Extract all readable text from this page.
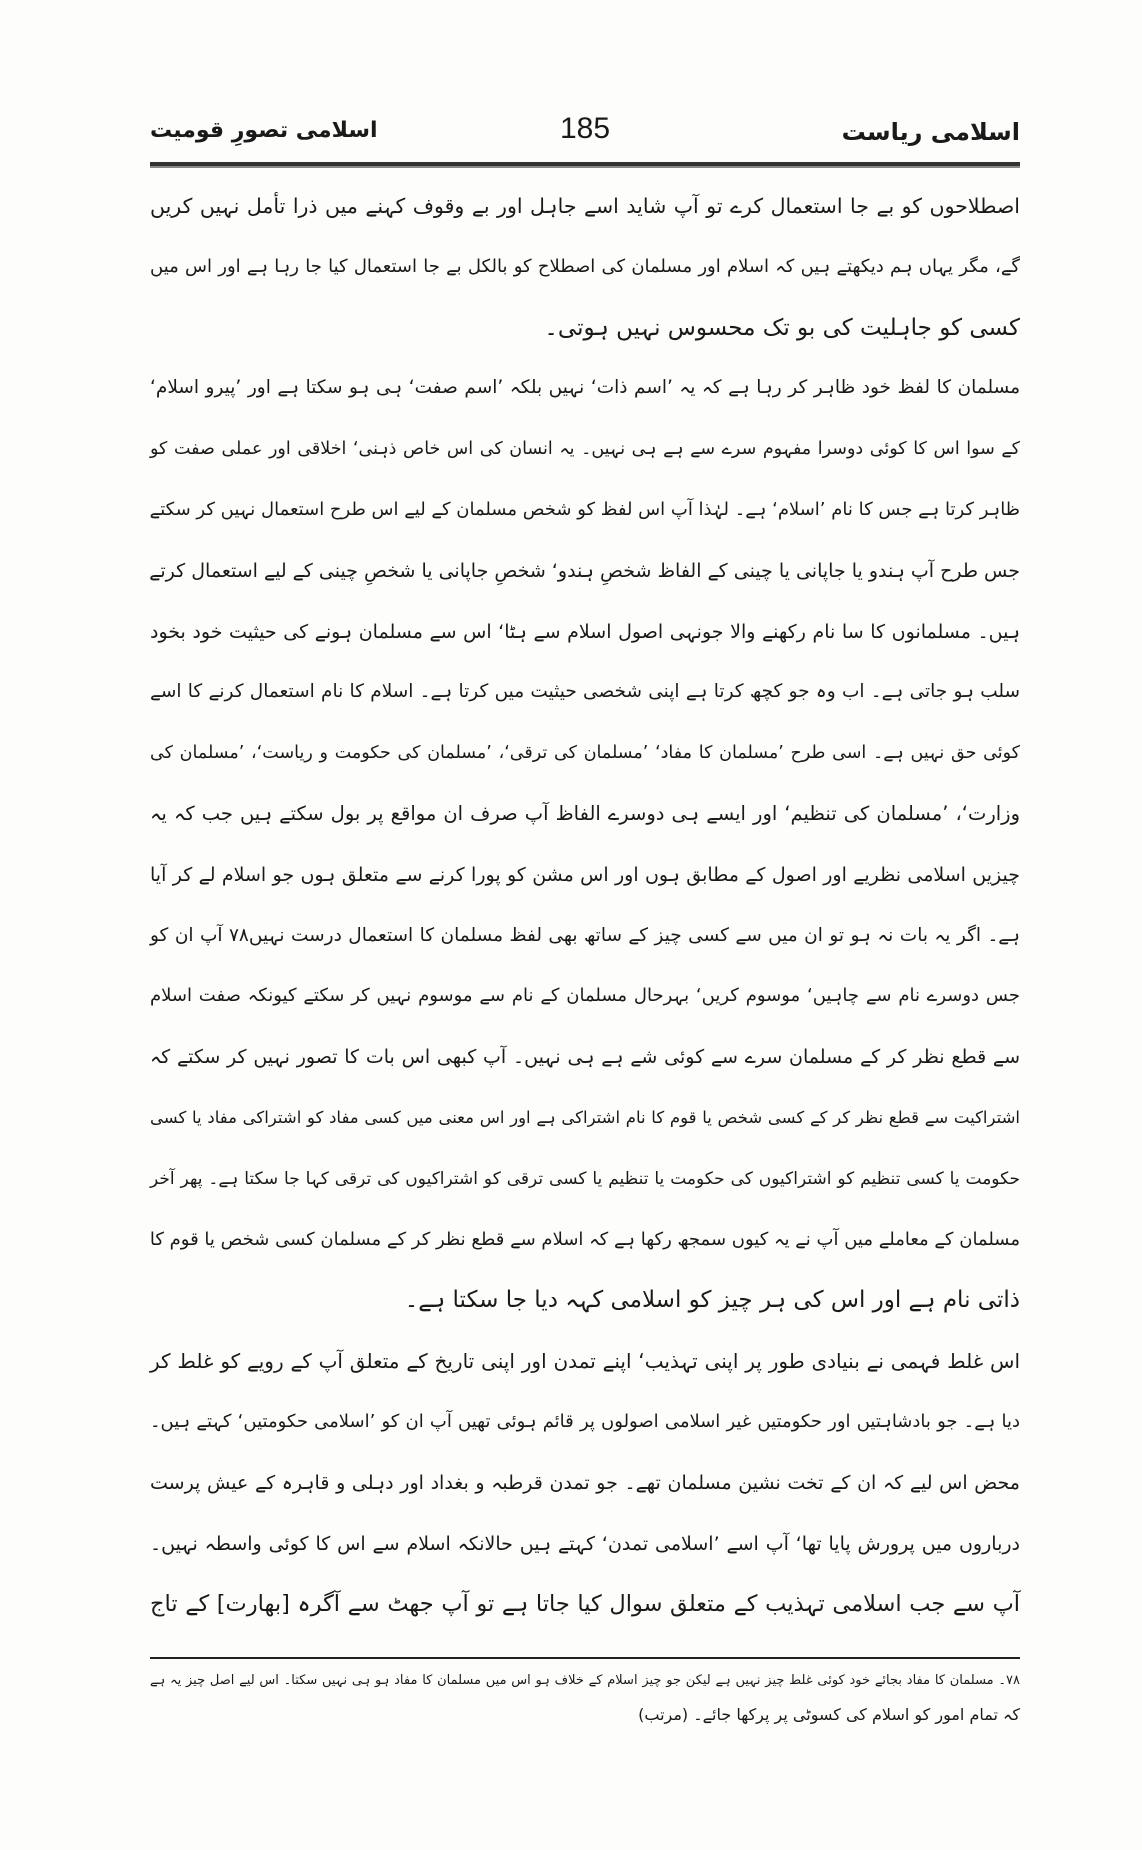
اسلامی ریاست
185
اسلامی تصورِ قومیت
اصطلاحوں کو بے جا استعمال کرے تو آپ شاید اسے جاہل اور بے وقوف کہنے میں ذرا تأمل نہیں کریں
گے، مگر یہاں ہم دیکھتے ہیں کہ اسلام اور مسلمان کی اصطلاح کو بالکل بے جا استعمال کیا جا رہا ہے اور اس میں
کسی کو جاہلیت کی بو تک محسوس نہیں ہوتی۔
مسلمان کا لفظ خود ظاہر کر رہا ہے کہ یہ ’اسم ذات‘ نہیں بلکہ ’اسم صفت‘ ہی ہو سکتا ہے اور ’پیرو اسلام‘
کے سوا اس کا کوئی دوسرا مفہوم سرے سے ہے ہی نہیں۔ یہ انسان کی اس خاص ذہنی‘ اخلاقی اور عملی صفت کو
ظاہر کرتا ہے جس کا نام ’اسلام‘ ہے۔ لہٰذا آپ اس لفظ کو شخص مسلمان کے لیے اس طرح استعمال نہیں کر سکتے
جس طرح آپ ہندو یا جاپانی یا چینی کے الفاظ شخصِ ہندو‘ شخصِ جاپانی یا شخصِ چینی کے لیے استعمال کرتے
ہیں۔ مسلمانوں کا سا نام رکھنے والا جونہی اصول اسلام سے ہٹا‘ اس سے مسلمان ہونے کی حیثیت خود بخود
سلب ہو جاتی ہے۔ اب وہ جو کچھ کرتا ہے اپنی شخصی حیثیت میں کرتا ہے۔ اسلام کا نام استعمال کرنے کا اسے
کوئی حق نہیں ہے۔ اسی طرح ’مسلمان کا مفاد‘ ’مسلمان کی ترقی‘، ’مسلمان کی حکومت و ریاست‘، ’مسلمان کی
وزارت‘، ’مسلمان کی تنظیم‘ اور ایسے ہی دوسرے الفاظ آپ صرف ان مواقع پر بول سکتے ہیں جب کہ یہ
چیزیں اسلامی نظریے اور اصول کے مطابق ہوں اور اس مشن کو پورا کرنے سے متعلق ہوں جو اسلام لے کر آیا
ہے۔ اگر یہ بات نہ ہو تو ان میں سے کسی چیز کے ساتھ بھی لفظ مسلمان کا استعمال درست نہیں۷۸ آپ ان کو
جس دوسرے نام سے چاہیں‘ موسوم کریں‘ بہرحال مسلمان کے نام سے موسوم نہیں کر سکتے کیونکہ صفت اسلام
سے قطع نظر کر کے مسلمان سرے سے کوئی شے ہے ہی نہیں۔ آپ کبھی اس بات کا تصور نہیں کر سکتے کہ
اشتراکیت سے قطع نظر کر کے کسی شخص یا قوم کا نام اشتراکی ہے اور اس معنی میں کسی مفاد کو اشتراکی مفاد یا کسی
حکومت یا کسی تنظیم کو اشتراکیوں کی حکومت یا تنظیم یا کسی ترقی کو اشتراکیوں کی ترقی کہا جا سکتا ہے۔ پھر آخر
مسلمان کے معاملے میں آپ نے یہ کیوں سمجھ رکھا ہے کہ اسلام سے قطع نظر کر کے مسلمان کسی شخص یا قوم کا
ذاتی نام ہے اور اس کی ہر چیز کو اسلامی کہہ دیا جا سکتا ہے۔
اس غلط فہمی نے بنیادی طور پر اپنی تہذیب‘ اپنے تمدن اور اپنی تاریخ کے متعلق آپ کے رویے کو غلط کر
دیا ہے۔ جو بادشاہتیں اور حکومتیں غیر اسلامی اصولوں پر قائم ہوئی تھیں آپ ان کو ’اسلامی حکومتیں‘ کہتے ہیں۔
محض اس لیے کہ ان کے تخت نشین مسلمان تھے۔ جو تمدن قرطبہ و بغداد اور دہلی و قاہرہ کے عیش پرست
درباروں میں پرورش پایا تھا‘ آپ اسے ’اسلامی تمدن‘ کہتے ہیں حالانکہ اسلام سے اس کا کوئی واسطہ نہیں۔
آپ سے جب اسلامی تہذیب کے متعلق سوال کیا جاتا ہے تو آپ جھٹ سے آگرہ [بھارت] کے تاج
۷۸۔ مسلمان کا مفاد بجائے خود کوئی غلط چیز نہیں ہے لیکن جو چیز اسلام کے خلاف ہو اس میں مسلمان کا مفاد ہو ہی نہیں سکتا۔ اس لیے اصل چیز یہ ہے
کہ تمام امور کو اسلام کی کسوٹی پر پرکھا جائے۔ (مرتب)
